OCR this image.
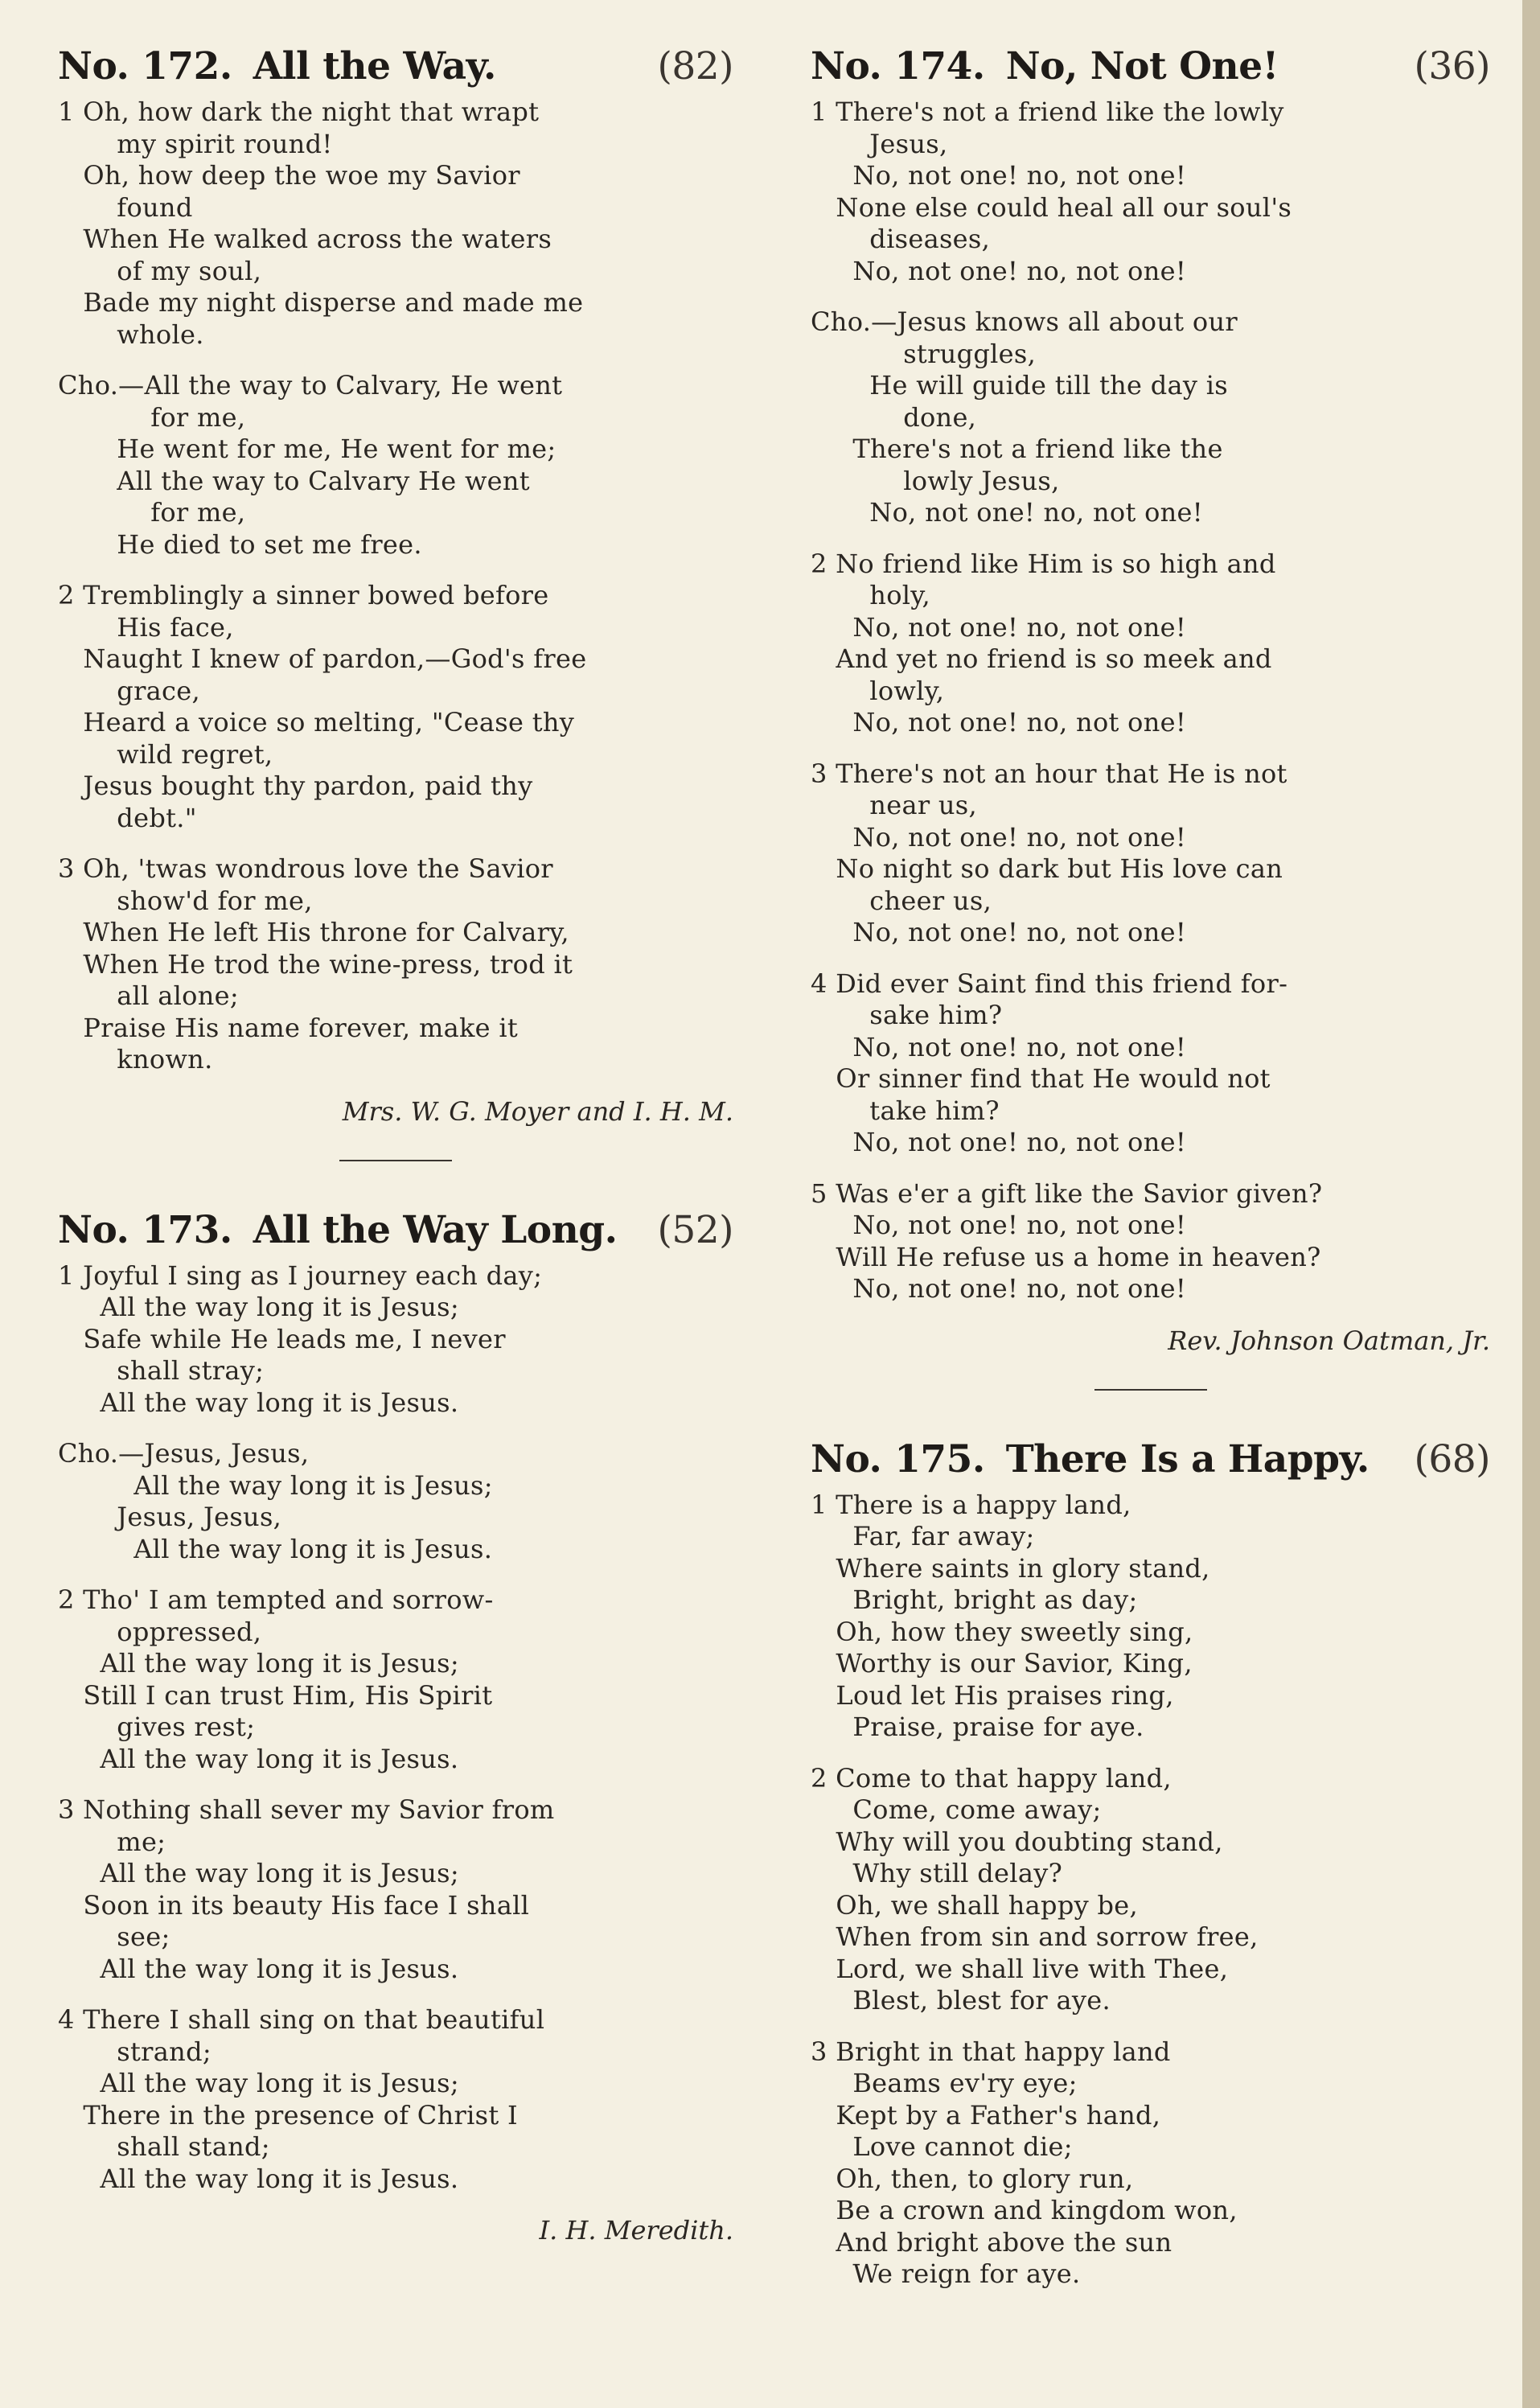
No. 172. All the Way.	(82)
1 Oh, how dark the night that wrapt
my spirit round!
Oh, how deep the woe my Savior
found
When He walked across the waters
of my soul,
Bade my night disperse and made me
whole.
Cho.—All the way to Calvary, He went
for me,
He went for me, He went for me;
All the way to Calvary He went
for me,
He died to set me free.
2 Tremblingly a sinner bowed before
His face,
Naught I knew of pardon,—God's free
grace,
Heard a voice so melting, "Cease thy
wild regret,
Jesus bought thy pardon, paid thy
debt."
3 Oh, 'twas wondrous love the Savior
show'd for me,
When He left His throne for Calvary,
When He trod the wine-press, trod it
all alone;
Praise His name forever, make it
known.
Mrs. W. G. Moyer and I. H. M.
No. 173. All the Way Long.	(52)
1 Joyful I sing as I journey each day;
All the way long it is Jesus;
Safe while He leads me, I never
shall stray;
All the way long it is Jesus.
Cho.—Jesus, Jesus,
All the way long it is Jesus;
Jesus, Jesus,
All the way long it is Jesus.
2 Tho' I am tempted and sorrow-
oppressed,
All the way long it is Jesus;
Still I can trust Him, His Spirit
gives rest;
All the way long it is Jesus.
3 Nothing shall sever my Savior from
me;
All the way long it is Jesus;
Soon in its beauty His face I shall
see;
All the way long it is Jesus.
4 There I shall sing on that beautiful
strand;
All the way long it is Jesus;
There in the presence of Christ I
shall stand;
All the way long it is Jesus.
I. H. Meredith.
No. 174. No, Not One!	(36)
1 There's not a friend like the lowly
Jesus,
No, not one! no, not one!
None else could heal all our soul's
diseases,
No, not one! no, not one!
Cho.—Jesus knows all about our
struggles,
He will guide till the day is
done,
There's not a friend like the
lowly Jesus,
No, not one! no, not one!
2 No friend like Him is so high and
holy,
No, not one! no, not one!
And yet no friend is so meek and
lowly,
No, not one! no, not one!
3 There's not an hour that He is not
near us,
No, not one! no, not one!
No night so dark but His love can
cheer us,
No, not one! no, not one!
4 Did ever Saint find this friend for-
sake him?
No, not one! no, not one!
Or sinner find that He would not
take him?
No, not one! no, not one!
5 Was e'er a gift like the Savior given?
No, not one! no, not one!
Will He refuse us a home in heaven?
No, not one! no, not one!
Rev. Johnson Oatman, Jr.
No. 175. There Is a Happy.	(68)
1 There is a happy land,
Far, far away;
Where saints in glory stand,
Bright, bright as day;
Oh, how they sweetly sing,
Worthy is our Savior, King,
Loud let His praises ring,
Praise, praise for aye.
2 Come to that happy land,
Come, come away;
Why will you doubting stand,
Why still delay?
Oh, we shall happy be,
When from sin and sorrow free,
Lord, we shall live with Thee,
Blest, blest for aye.
3 Bright in that happy land
Beams ev'ry eye;
Kept by a Father's hand,
Love cannot die;
Oh, then, to glory run,
Be a crown and kingdom won,
And bright above the sun
We reign for aye.
